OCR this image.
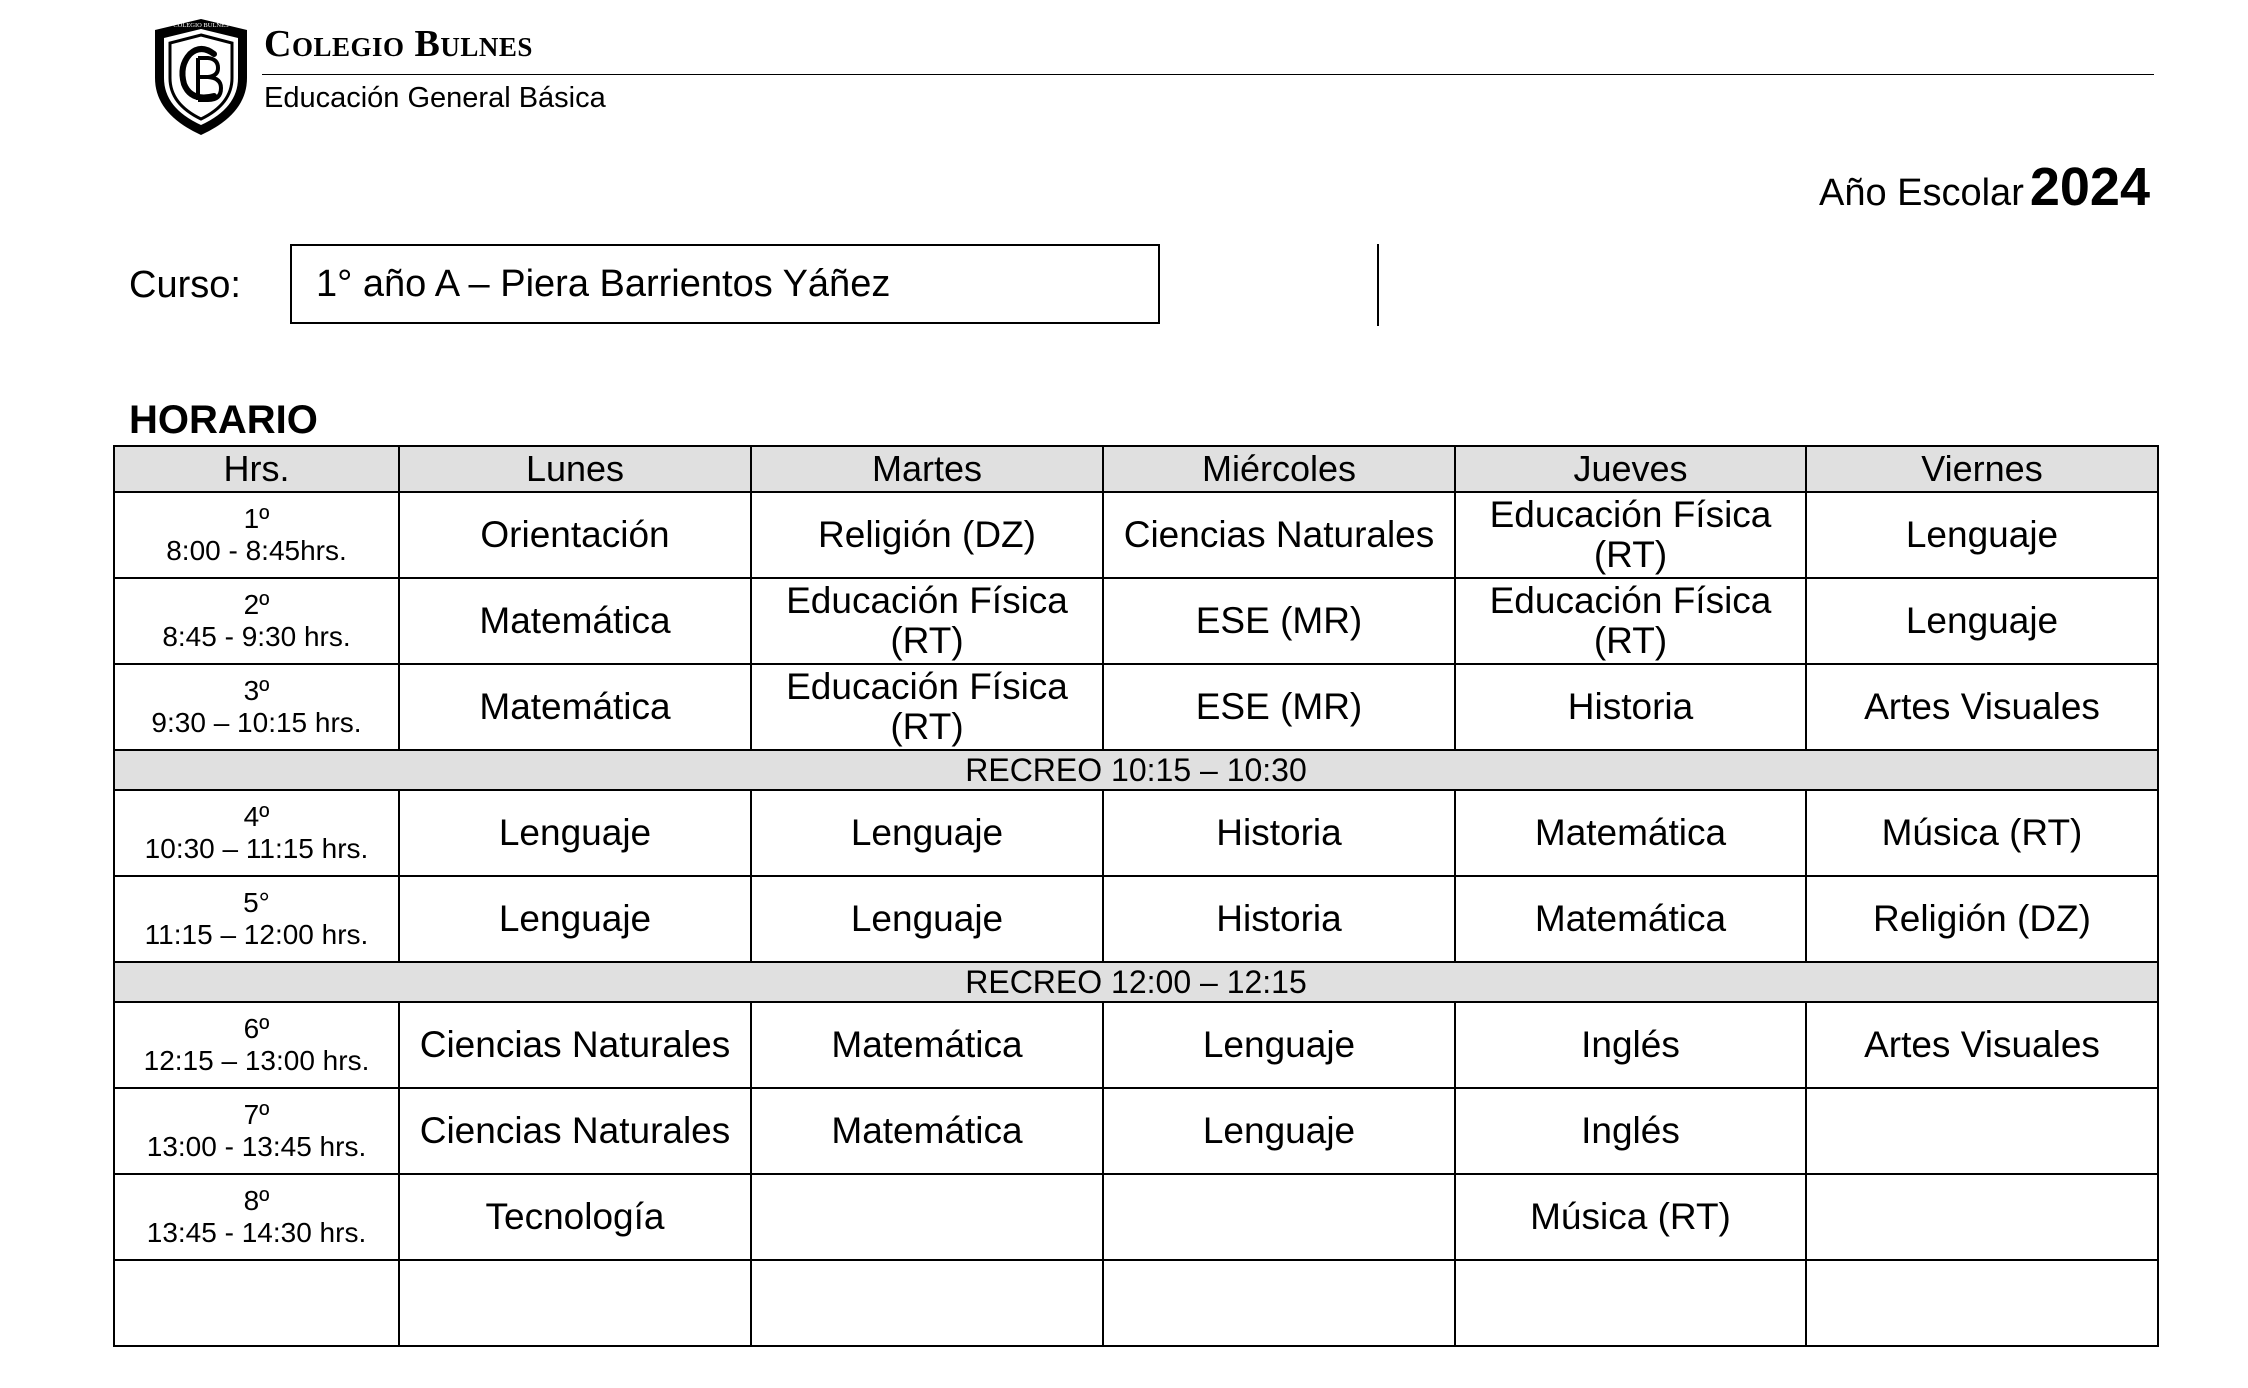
COLEGIO BULNES Colegio Bulnes
Educación General Básica
Año Escolar 2024
Curso:	1° año A – Piera Barrientos Yáñez
HORARIO
Hrs.	Lunes	Martes	Miércoles	Jueves	Viernes

1º
8:00 - 8:45hrs.	Orientación	Religión (DZ)	Ciencias Naturales	Educación Física (RT)	Lenguaje

2º
8:45 - 9:30 hrs.	Matemática	Educación Física (RT)	ESE (MR)	Educación Física (RT)	Lenguaje

3º
9:30 – 10:15 hrs.	Matemática	Educación Física (RT)	ESE (MR)	Historia	Artes Visuales
RECREO 10:15 – 10:30					

4º
10:30 – 11:15 hrs.	Lenguaje	Lenguaje	Historia	Matemática	Música (RT)

5°
11:15 – 12:00 hrs.	Lenguaje	Lenguaje	Historia	Matemática	Religión (DZ)
RECREO 12:00 – 12:15					

6º
12:15 – 13:00 hrs.	Ciencias Naturales	Matemática	Lenguaje	Inglés	Artes Visuales

7º
13:00 - 13:45 hrs.	Ciencias Naturales	Matemática	Lenguaje	Inglés	

8º
13:45 - 14:30 hrs.	Tecnología			Música (RT)	
